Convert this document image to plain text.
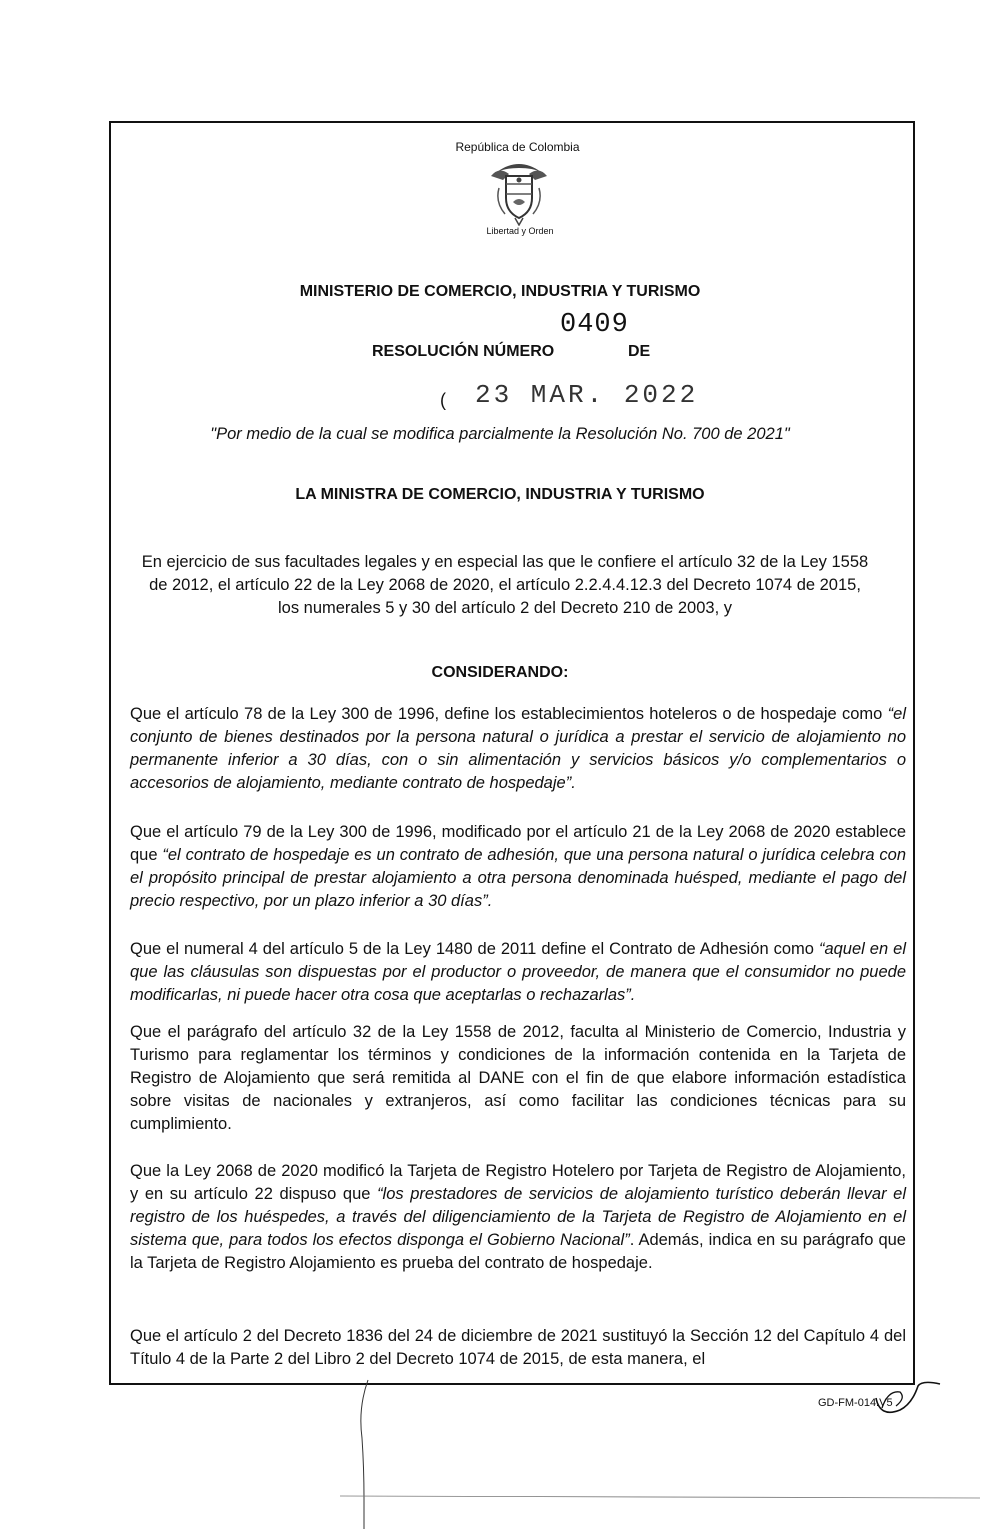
República de Colombia
Libertad y Orden
MINISTERIO DE COMERCIO, INDUSTRIA Y TURISMO
0409
RESOLUCIÓN NÚMERO	DE
( 23 MAR. 2022
"Por medio de la cual se modifica parcialmente la Resolución No. 700 de 2021"
LA MINISTRA DE COMERCIO, INDUSTRIA Y TURISMO
En ejercicio de sus facultades legales y en especial las que le confiere el artículo 32 de la Ley 1558 de 2012, el artículo 22 de la Ley 2068 de 2020, el artículo 2.2.4.4.12.3 del Decreto 1074 de 2015, los numerales 5 y 30 del artículo 2 del Decreto 210 de 2003, y
CONSIDERANDO:
Que el artículo 78 de la Ley 300 de 1996, define los establecimientos hoteleros o de hospedaje como “el conjunto de bienes destinados por la persona natural o jurídica a prestar el servicio de alojamiento no permanente inferior a 30 días, con o sin alimentación y servicios básicos y/o complementarios o accesorios de alojamiento, mediante contrato de hospedaje”.
Que el artículo 79 de la Ley 300 de 1996, modificado por el artículo 21 de la Ley 2068 de 2020 establece que “el contrato de hospedaje es un contrato de adhesión, que una persona natural o jurídica celebra con el propósito principal de prestar alojamiento a otra persona denominada huésped, mediante el pago del precio respectivo, por un plazo inferior a 30 días”.
Que el numeral 4 del artículo 5 de la Ley 1480 de 2011 define el Contrato de Adhesión como “aquel en el que las cláusulas son dispuestas por el productor o proveedor, de manera que el consumidor no puede modificarlas, ni puede hacer otra cosa que aceptarlas o rechazarlas”.
Que el parágrafo del artículo 32 de la Ley 1558 de 2012, faculta al Ministerio de Comercio, Industria y Turismo para reglamentar los términos y condiciones de la información contenida en la Tarjeta de Registro de Alojamiento que será remitida al DANE con el fin de que elabore información estadística sobre visitas de nacionales y extranjeros, así como facilitar las condiciones técnicas para su cumplimiento.
Que la Ley 2068 de 2020 modificó la Tarjeta de Registro Hotelero por Tarjeta de Registro de Alojamiento, y en su artículo 22 dispuso que “los prestadores de servicios de alojamiento turístico deberán llevar el registro de los huéspedes, a través del diligenciamiento de la Tarjeta de Registro de Alojamiento en el sistema que, para todos los efectos disponga el Gobierno Nacional”. Además, indica en su parágrafo que la Tarjeta de Registro Alojamiento es prueba del contrato de hospedaje.
Que el artículo 2 del Decreto 1836 del 24 de diciembre de 2021 sustituyó la Sección 12 del Capítulo 4 del Título 4 de la Parte 2 del Libro 2 del Decreto 1074 de 2015, de esta manera, el
GD-FM-014.V5
